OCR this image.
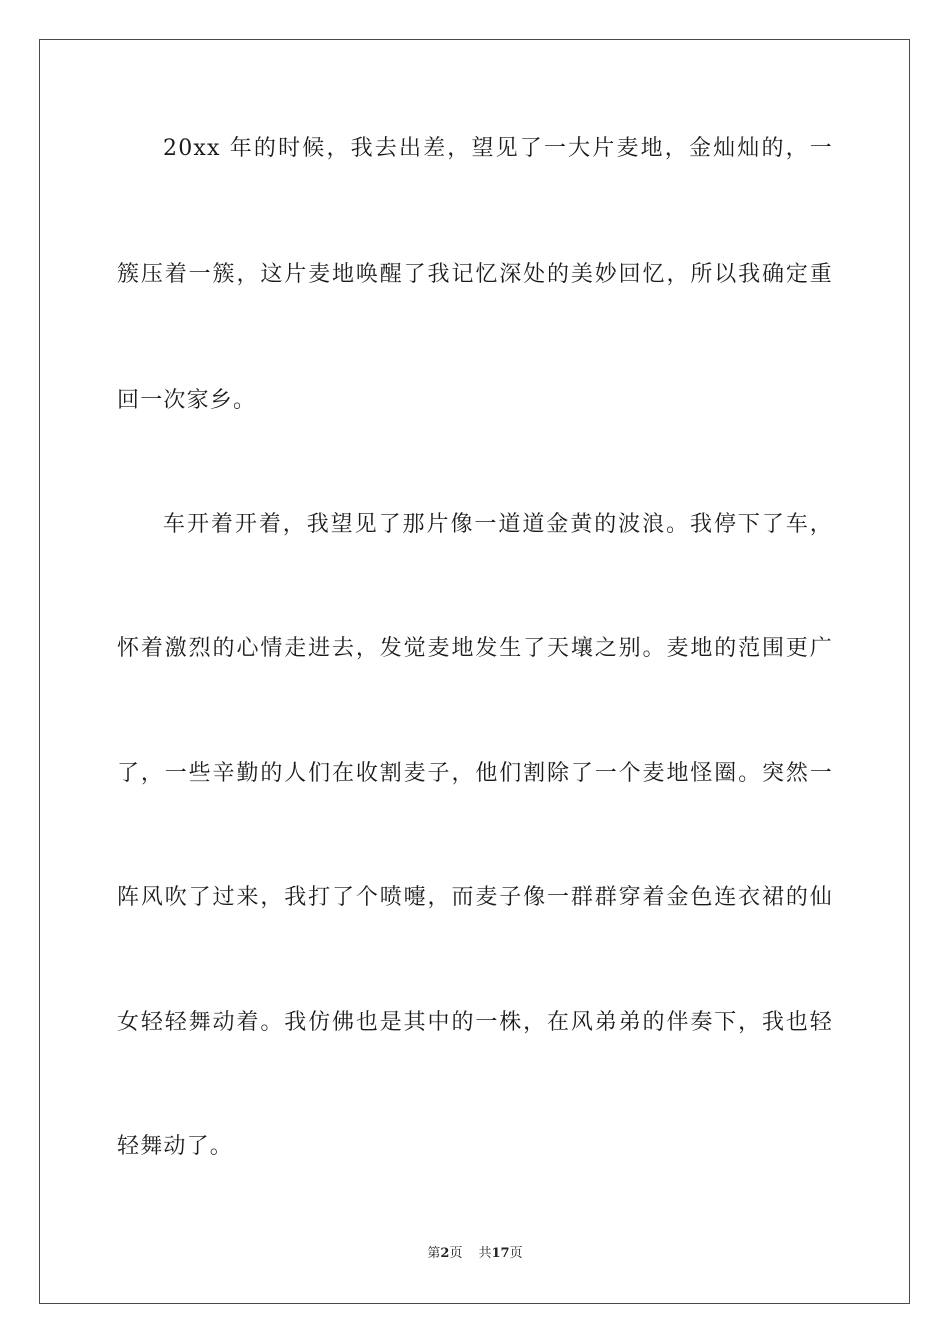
20xx 年的时候，我去出差，望见了一大片麦地，金灿灿的，一
簇压着一簇，这片麦地唤醒了我记忆深处的美妙回忆，所以我确定重
回一次家乡。
车开着开着，我望见了那片像一道道金黄的波浪。我停下了车，
怀着激烈的心情走进去，发觉麦地发生了天壤之别。麦地的范围更广
了，一些辛勤的人们在收割麦子，他们割除了一个麦地怪圈。突然一
阵风吹了过来，我打了个喷嚏，而麦子像一群群穿着金色连衣裙的仙
女轻轻舞动着。我仿佛也是其中的一株，在风弟弟的伴奏下，我也轻
轻舞动了。
第2页 共17页
